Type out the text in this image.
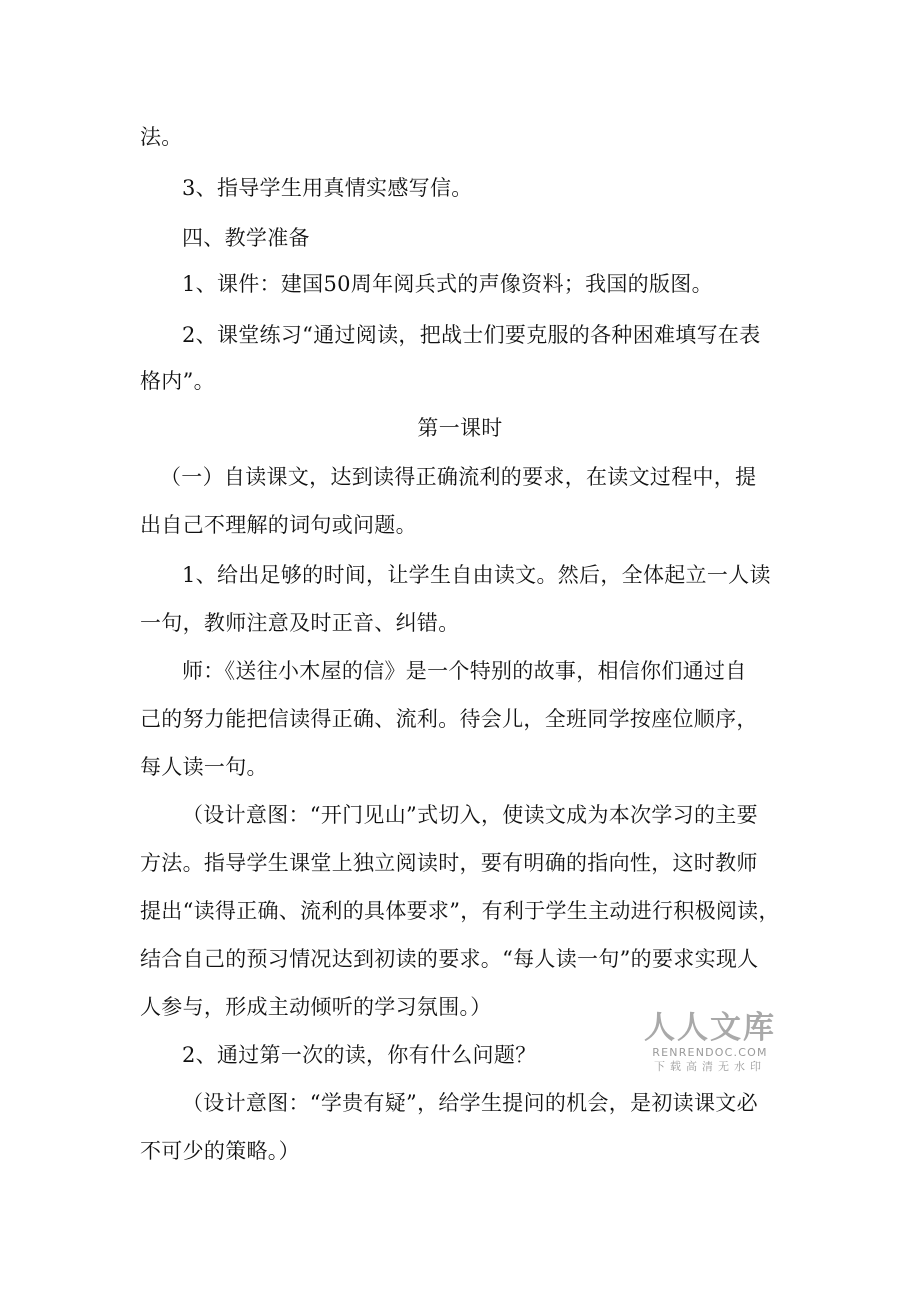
法。
3、指导学生用真情实感写信。
四、教学准备
1、课件：建国50周年阅兵式的声像资料；我国的版图。
2、课堂练习“通过阅读，把战士们要克服的各种困难填写在表
格内”。
第一课时
（一）自读课文，达到读得正确流利的要求，在读文过程中，提
出自己不理解的词句或问题。
1、给出足够的时间，让学生自由读文。然后，全体起立一人读
一句，教师注意及时正音、纠错。
师：《送往小木屋的信》是一个特别的故事，相信你们通过自
己的努力能把信读得正确、流利。待会儿，全班同学按座位顺序，
每人读一句。
（设计意图：“开门见山”式切入，使读文成为本次学习的主要
方法。指导学生课堂上独立阅读时，要有明确的指向性，这时教师
提出“读得正确、流利的具体要求”，有利于学生主动进行积极阅读，
结合自己的预习情况达到初读的要求。“每人读一句”的要求实现人
人参与，形成主动倾听的学习氛围。）
2、通过第一次的读，你有什么问题？
（设计意图：“学贵有疑”，给学生提问的机会，是初读课文必
不可少的策略。）
人人文库
RENRENDOC.COM
下载高清无水印
